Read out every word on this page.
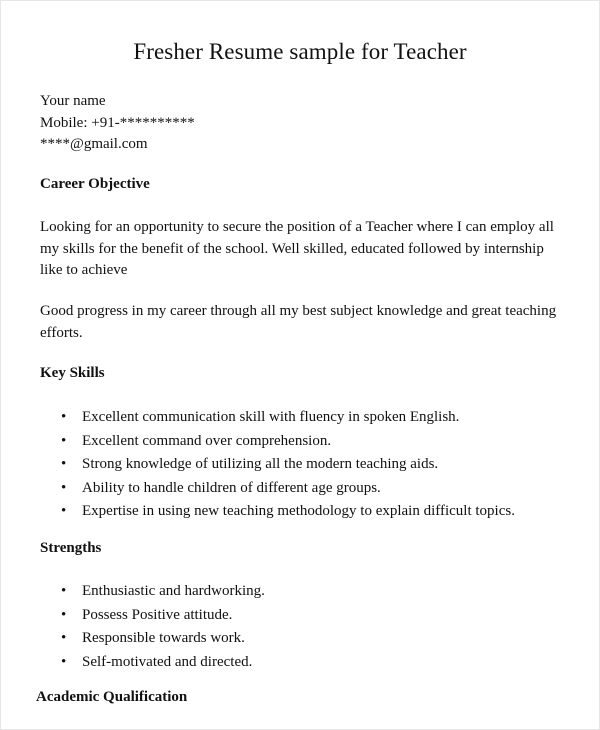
Fresher Resume sample for Teacher
Your name
Mobile: +91-**********
****@gmail.com
Career Objective
Looking for an opportunity to secure the position of a Teacher where I can employ all my skills for the benefit of the school. Well skilled, educated followed by internship like to achieve
Good progress in my career through all my best subject knowledge and great teaching efforts.
Key Skills
• Excellent communication skill with fluency in spoken English.
• Excellent command over comprehension.
• Strong knowledge of utilizing all the modern teaching aids.
• Ability to handle children of different age groups.
• Expertise in using new teaching methodology to explain difficult topics.
Strengths
• Enthusiastic and hardworking.
• Possess Positive attitude.
• Responsible towards work.
• Self-motivated and directed.
Academic Qualification
